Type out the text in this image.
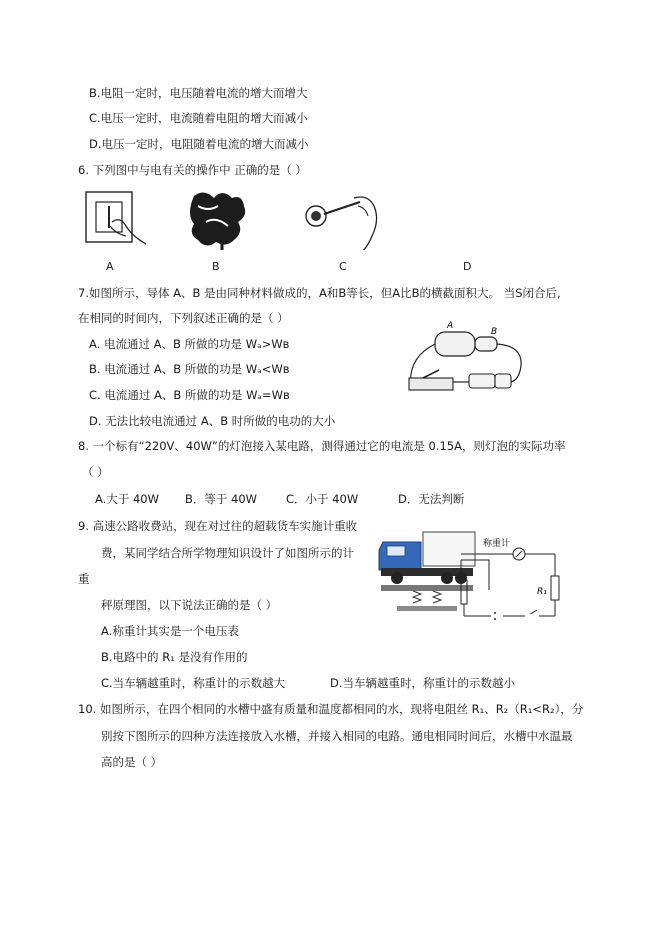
B.电阻一定时，电压随着电流的增大而增大
C.电压一定时，电流随着电阻的增大而减小
D.电压一定时，电阻随着电流的增大而减小
6. 下列图中与电有关的操作中 正确的是（ ）
A	B	C	D
7.如图所示，导体 A、B 是由同种材料做成的，A和B等长，但A比B的横截面积大。 当S闭合后,
在相同的时间内，下列叙述正确的是（ ）
A. 电流通过 A、B 所做的功是 Wₐ>Wʙ
B. 电流通过 A、B 所做的功是 Wₐ<Wʙ
C. 电流通过 A、B 所做的功是 Wₐ=Wʙ
D. 无法比较电流通过 A、B 时所做的电功的大小
A
B
8. 一个标有“220V、40W”的灯泡接入某电路，测得通过它的电流是 0.15A，则灯泡的实际功率
（ ）
A.大于 40W B．等于 40W	C．小于 40W	D．无法判断
9. 高速公路收费站，现在对过往的超载货车实施计重收
费，某同学结合所学物理知识设计了如图所示的计
重
秤原理图，以下说法正确的是（ ）
A.称重计其实是一个电压表
B.电路中的 R₁ 是没有作用的
C.当车辆越重时，称重计的示数越大	D.当车辆越重时，称重计的示数越小
称重计
R₁
10. 如图所示，在四个相同的水槽中盛有质量和温度都相同的水，现将电阻丝 R₁、R₂（R₁<R₂），分
别按下图所示的四种方法连接放入水槽，并接入相同的电路。通电相同时间后，水槽中水温最
高的是（ ）
